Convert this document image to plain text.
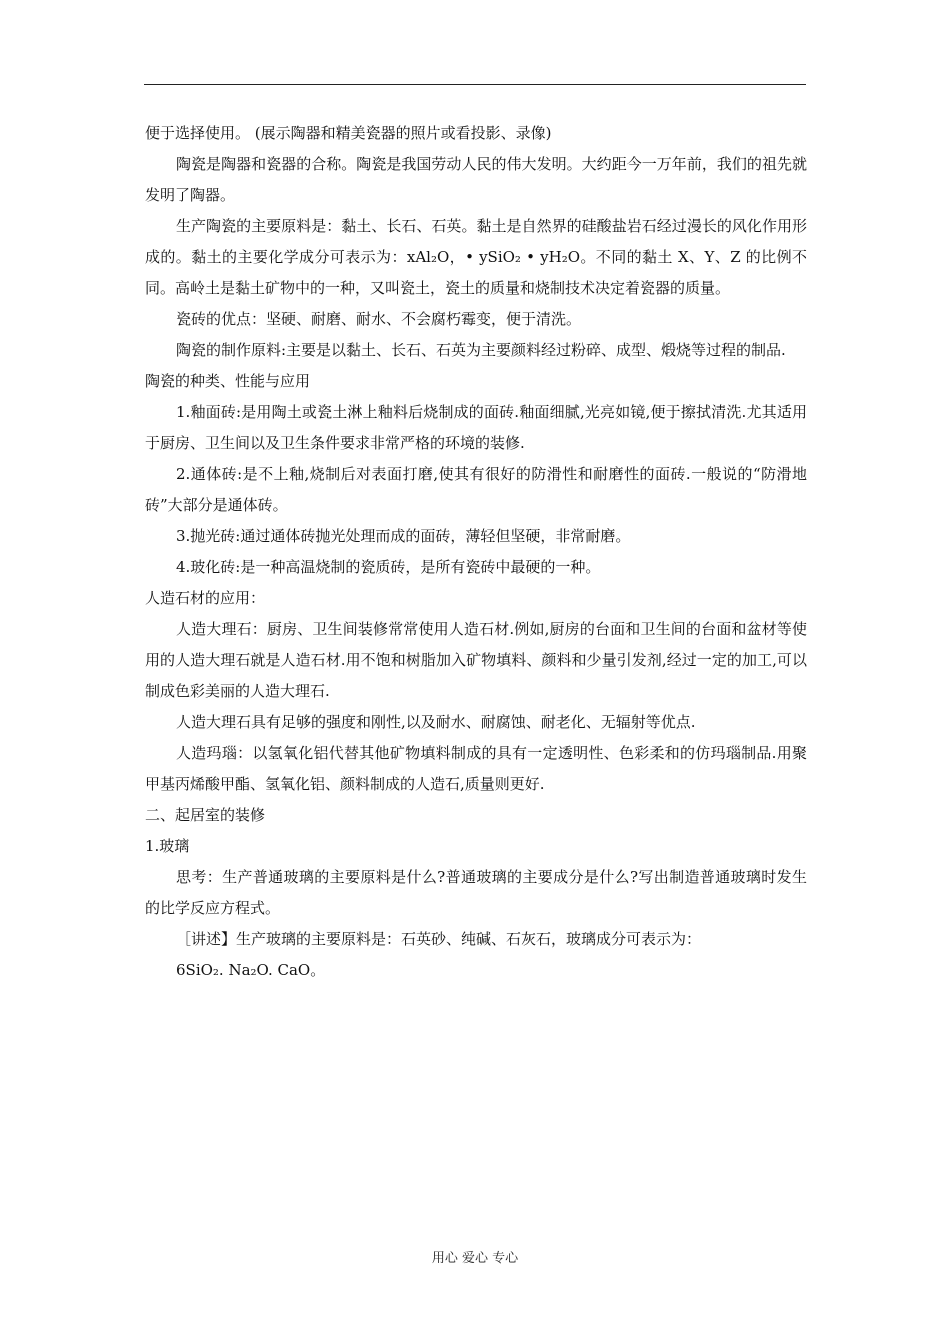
便于选择使用。 (展示陶器和精美瓷器的照片或看投影、录像)

陶瓷是陶器和瓷器的合称。陶瓷是我国劳动人民的伟大发明。大约距今一万年前，我们的祖先就发明了陶器。

生产陶瓷的主要原料是：黏土、长石、石英。黏土是自然界的硅酸盐岩石经过漫长的风化作用形成的。黏土的主要化学成分可表示为：xAl₂O，• ySiO₂ • yH₂O。不同的黏土 X、Y、Z 的比例不同。高岭土是黏土矿物中的一种，又叫瓷土，瓷土的质量和烧制技术决定着瓷器的质量。

瓷砖的优点：坚硬、耐磨、耐水、不会腐朽霉变，便于清洗。

陶瓷的制作原料:主要是以黏土、长石、石英为主要颜料经过粉碎、成型、煅烧等过程的制品.

陶瓷的种类、性能与应用

1.釉面砖:是用陶土或瓷土淋上釉料后烧制成的面砖.釉面细腻,光亮如镜,便于擦拭清洗.尤其适用于厨房、卫生间以及卫生条件要求非常严格的环境的装修.

2.通体砖:是不上釉,烧制后对表面打磨,使其有很好的防滑性和耐磨性的面砖.一般说的“防滑地砖”大部分是通体砖。

3.抛光砖:通过通体砖抛光处理而成的面砖，薄轻但坚硬，非常耐磨。

4.玻化砖:是一种高温烧制的瓷质砖，是所有瓷砖中最硬的一种。

人造石材的应用：

人造大理石：厨房、卫生间装修常常使用人造石材.例如,厨房的台面和卫生间的台面和盆材等使用的人造大理石就是人造石材.用不饱和树脂加入矿物填料、颜料和少量引发剂,经过一定的加工,可以制成色彩美丽的人造大理石.

人造大理石具有足够的强度和刚性,以及耐水、耐腐蚀、耐老化、无辐射等优点.

人造玛瑙：以氢氧化铝代替其他矿物填料制成的具有一定透明性、色彩柔和的仿玛瑙制品.用聚甲基丙烯酸甲酯、氢氧化铝、颜料制成的人造石,质量则更好.

二、起居室的装修

1.玻璃

思考：生产普通玻璃的主要原料是什么?普通玻璃的主要成分是什么?写出制造普通玻璃时发生的比学反应方程式。

［讲述】生产玻璃的主要原料是：石英砂、纯碱、石灰石，玻璃成分可表示为：

6SiO₂. Na₂O. CaO。

用心 爱心 专心
